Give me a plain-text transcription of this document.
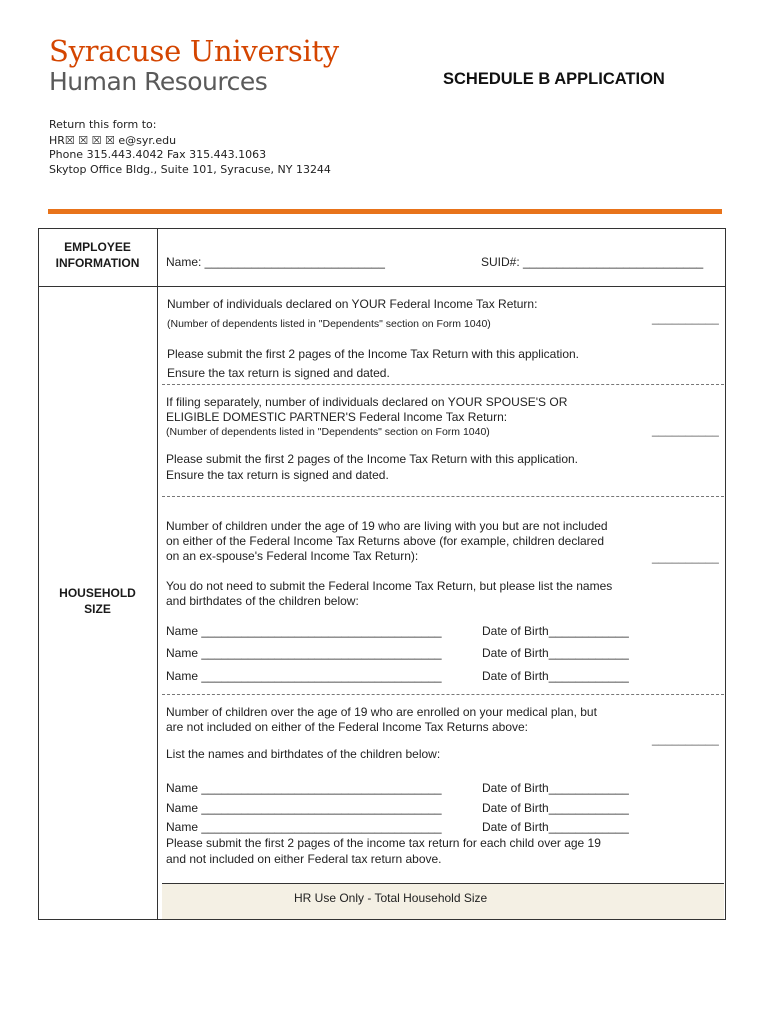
Syracuse University
Human Resources	SCHEDULE B APPLICATION
Return this form to:
HR☒ ☒ ☒ ☒ e@syr.edu
Phone 315.443.4042 Fax 315.443.1063
Skytop Office Bldg., Suite 101, Syracuse, NY 13244
EMPLOYEE
INFORMATION	Name: ___________________________	SUID#: ___________________________
HOUSEHOLD
SIZE
Number of individuals declared on YOUR Federal Income Tax Return:
(Number of dependents listed in "Dependents" section on Form 1040)	__________
Please submit the first 2 pages of the Income Tax Return with this application.
Ensure the tax return is signed and dated.
If filing separately, number of individuals declared on YOUR SPOUSE'S OR
ELIGIBLE DOMESTIC PARTNER'S Federal Income Tax Return:
(Number of dependents listed in "Dependents" section on Form 1040)	__________
Please submit the first 2 pages of the Income Tax Return with this application.
Ensure the tax return is signed and dated.
Number of children under the age of 19 who are living with you but are not included
on either of the Federal Income Tax Returns above (for example, children declared
on an ex-spouse's Federal Income Tax Return):	__________
You do not need to submit the Federal Income Tax Return, but please list the names
and birthdates of the children below:
Name ____________________________________	Date of Birth____________
Name ____________________________________	Date of Birth____________
Name ____________________________________	Date of Birth____________
Number of children over the age of 19 who are enrolled on your medical plan, but
are not included on either of the Federal Income Tax Returns above:
__________
List the names and birthdates of the children below:
Name ____________________________________	Date of Birth____________
Name ____________________________________	Date of Birth____________
Name ____________________________________	Date of Birth____________
Please submit the first 2 pages of the income tax return for each child over age 19
and not included on either Federal tax return above.
HR Use Only - Total Household Size
